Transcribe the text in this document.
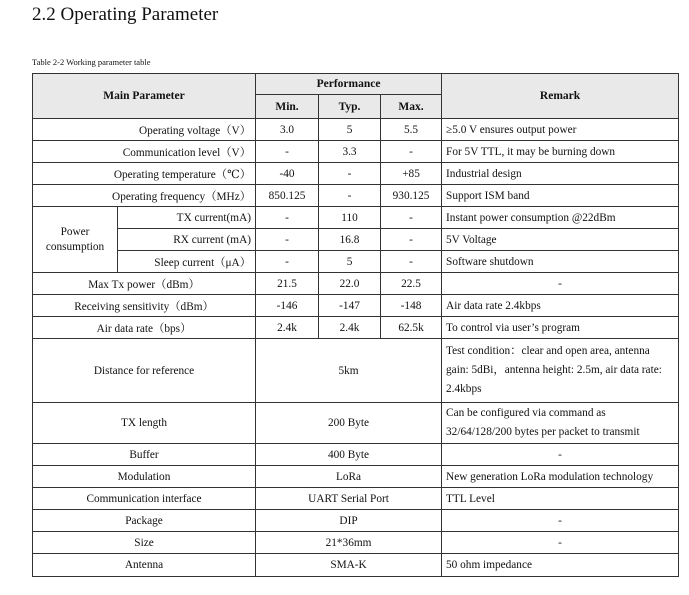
2.2 Operating Parameter
Table 2-2 Working parameter table
Main Parameter		Performance			Remark
		Min.	Typ.	Max.	
Operating voltage（V）		3.0	5	5.5	≥5.0 V ensures output power
Communication level（V）		-	3.3	-	For 5V TTL, it may be burning down
Operating temperature（℃）		-40	-	+85	Industrial design
Operating frequency（MHz）		850.125	-	930.125	Support ISM band
Power consumption	TX current(mA)	-	110	-	Instant power consumption @22dBm
	RX current (mA)	-	16.8	-	5V Voltage
	Sleep current（μA）	-	5	-	Software shutdown
Max Tx power（dBm）		21.5	22.0	22.5	-
Receiving sensitivity（dBm）		-146	-147	-148	Air data rate 2.4kbps
Air data rate（bps）		2.4k	2.4k	62.5k	To control via user’s program
Distance for reference		5km			Test condition：clear and open area, antenna gain: 5dBi，antenna height: 2.5m, air data rate: 2.4kbps
TX length		200 Byte			Can be configured via command as 32/64/128/200 bytes per packet to transmit
Buffer		400 Byte			-
Modulation		LoRa			New generation LoRa modulation technology
Communication interface		UART Serial Port			TTL Level
Package		DIP			-
Size		21*36mm			-
Antenna		SMA-K			50 ohm impedance
